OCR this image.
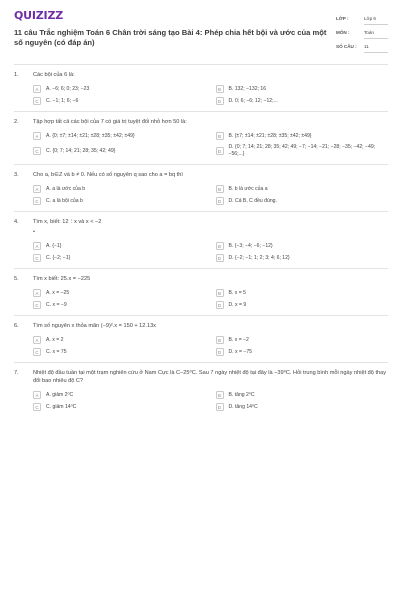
QUIZIZZ
11 câu Trắc nghiệm Toán 6 Chân trời sáng tạo Bài 4: Phép chia hết bội và ước của một số nguyên (có đáp án)
LỚP :	Lớp 6
MÔN :	Toán
SỐ CÂU :	11
1.	Các bội của 6 là:
A	A. −6; 6; 0; 23; −23	B	B. 132; −132; 16
C	C. −1; 1; 6; −6	D	D. 0; 6; −6; 12; −12;...
2.	Tập hợp tất cả các bội của 7 có giá trị tuyệt đối nhỏ hơn 50 là:
A	A. {0; ±7; ±14; ±21; ±28; ±35; ±42; ±49}	B	B. {±7; ±14; ±21; ±28; ±35; ±42; ±49}
C	C. {0; 7; 14; 21; 28; 35; 42; 49}	D
D. {0; 7; 14; 21; 28; 35; 42; 49; −7; −14; −21; −28; −35; −42; −49; −56;...}
3.	Cho a, b∈Z và b ≠ 0. Nếu có số nguyên q sao cho a = bq thì
A	A. a là ước của b	B	B. b là ước của a
C	C. a là bội của b	D	D. Cả B, C đều đúng.
4.	Tìm x, biết: 12⋮x và x < −2
•
A	A. {−1}	B	B. {−3; −4; −6; −12}
C	C. {−2; −1}	D	D. {−2; −1; 1; 2; 3; 4; 6; 12}
5.	Tìm x biết: 25.x = −225
A	A. x = −25	B	B. x = 5
C	C. x = −9	D	D. x = 9
6.	Tìm số nguyên x thỏa mãn (−9)².x = 150 + 12.13x
A	A. x = 2	B	B. x = −2
C	C. x = 75	D	D. x = −75
7.	Nhiệt độ đầu tuần tại một trạm nghiên cứu ở Nam Cực là C−25⁰C. Sau 7 ngày nhiệt độ tại đây là −39⁰C. Hỏi trung bình mỗi ngày nhiệt độ thay đổi bao nhiêu độ C?
A	A. giảm 2⁰C	B	B. tăng 2⁰C
C	C. giảm 14⁰C	D	D. tăng 14⁰C
